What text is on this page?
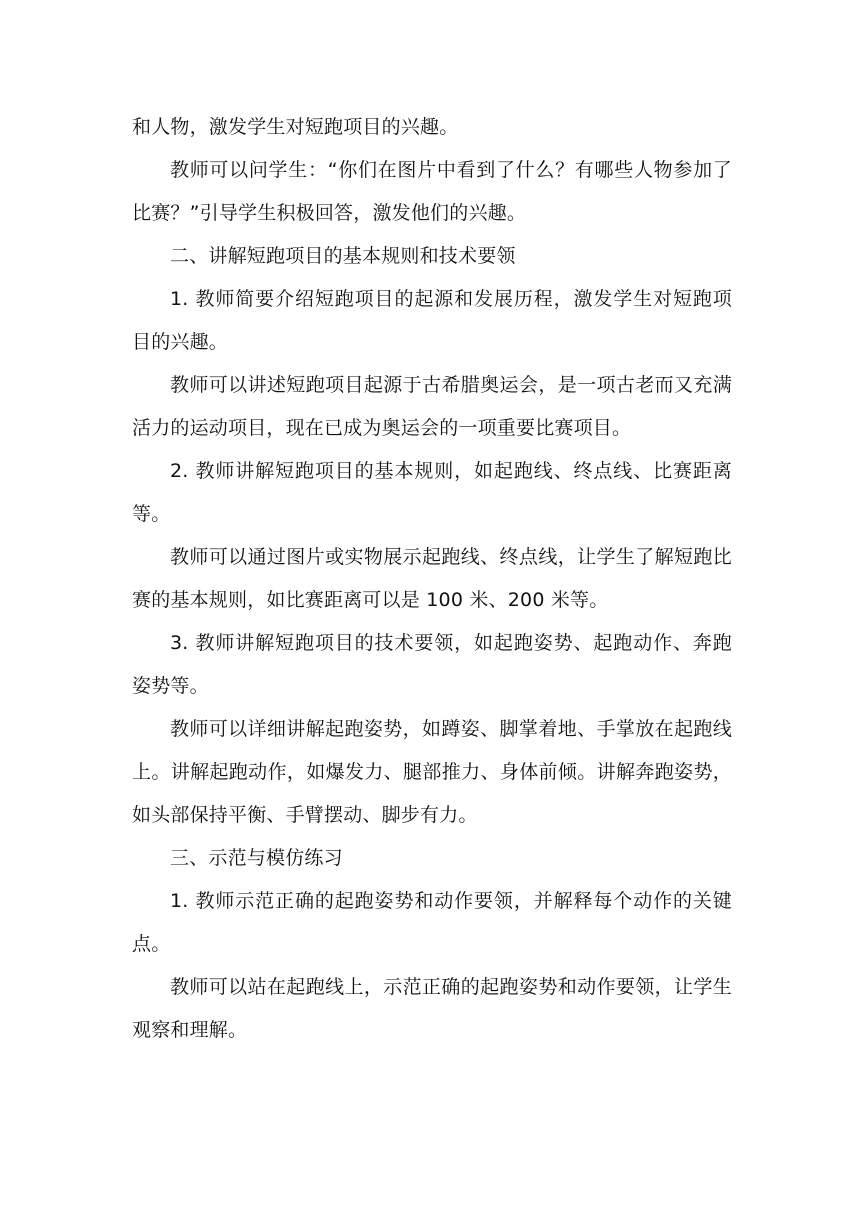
和人物，激发学生对短跑项目的兴趣。

教师可以问学生：“你们在图片中看到了什么？有哪些人物参加了比赛？”引导学生积极回答，激发他们的兴趣。

二、讲解短跑项目的基本规则和技术要领

1. 教师简要介绍短跑项目的起源和发展历程，激发学生对短跑项目的兴趣。

教师可以讲述短跑项目起源于古希腊奥运会，是一项古老而又充满活力的运动项目，现在已成为奥运会的一项重要比赛项目。

2. 教师讲解短跑项目的基本规则，如起跑线、终点线、比赛距离等。

教师可以通过图片或实物展示起跑线、终点线，让学生了解短跑比赛的基本规则，如比赛距离可以是 100 米、200 米等。

3. 教师讲解短跑项目的技术要领，如起跑姿势、起跑动作、奔跑姿势等。

教师可以详细讲解起跑姿势，如蹲姿、脚掌着地、手掌放在起跑线上。讲解起跑动作，如爆发力、腿部推力、身体前倾。讲解奔跑姿势，如头部保持平衡、手臂摆动、脚步有力。

三、示范与模仿练习

1. 教师示范正确的起跑姿势和动作要领，并解释每个动作的关键点。

教师可以站在起跑线上，示范正确的起跑姿势和动作要领，让学生观察和理解。
